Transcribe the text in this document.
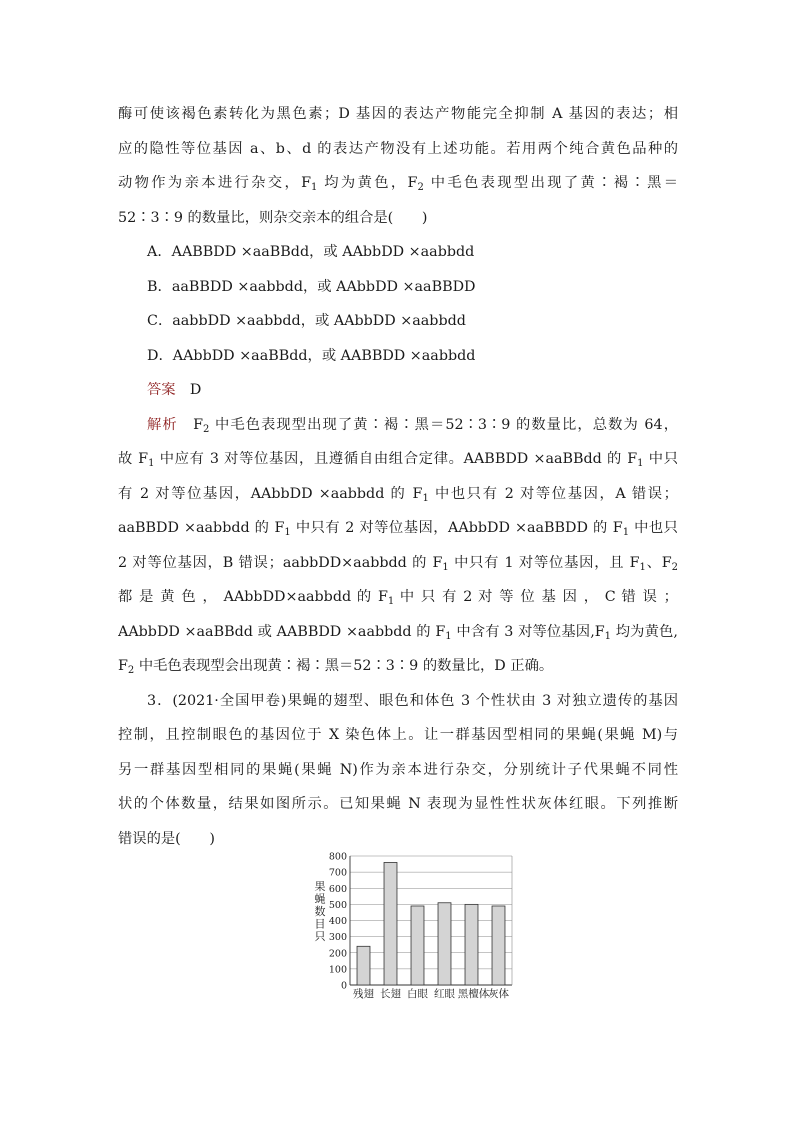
酶可使该褐色素转化为黑色素；D 基因的表达产物能完全抑制 A 基因的表达；相
应的隐性等位基因 a、b、d 的表达产物没有上述功能。若用两个纯合黄色品种的
动物作为亲本进行杂交，$F_1$ 均为黄色，$F_2$ 中毛色表现型出现了黄∶褐∶黑＝
52∶3∶9 的数量比，则杂交亲本的组合是(　　)
A．AABBDD ×aaBBdd，或 AAbbDD ×aabbdd
B．aaBBDD ×aabbdd，或 AAbbDD ×aaBBDD
C．aabbDD ×aabbdd，或 AAbbDD ×aabbdd
D．AAbbDD ×aaBBdd，或 AABBDD ×aabbdd
答案　 D
解析　 $F_2$ 中毛色表现型出现了黄∶褐∶黑＝52∶3∶9 的数量比，总数为 64，
故 $F_1$ 中应有 3 对等位基因，且遵循自由组合定律。AABBDD ×aaBBdd 的 $F_1$ 中只
有 2 对等位基因，AAbbDD ×aabbdd 的 $F_1$ 中也只有 2 对等位基因，A 错误；
aaBBDD ×aabbdd 的 $F_1$ 中只有 2 对等位基因，AAbbDD ×aaBBDD 的 $F_1$ 中也只
2 对等位基因，B 错误；aabbDD×aabbdd 的 $F_1$ 中只有 1 对等位基因，且 $F_1$、$F_2$
都 是 黄 色 ， AAbbDD×aabbdd 的 $F_1$ 中 只 有 2 对 等 位 基 因 ， C 错 误 ；
AAbbDD ×aaBBdd 或 AABBDD ×aabbdd 的 $F_1$ 中含有 3 对等位基因$,F_1$ 均为黄色,
$F_2$ 中毛色表现型会出现黄∶褐∶黑＝52∶3∶9 的数量比，D 正确。
3．(2021·全国甲卷)果蝇的翅型、眼色和体色 3 个性状由 3 对独立遗传的基因
控制，且控制眼色的基因位于 X 染色体上。让一群基因型相同的果蝇(果蝇 M)与
另一群基因型相同的果蝇(果蝇 N)作为亲本进行杂交，分别统计子代果蝇不同性
状的个体数量，结果如图所示。已知果蝇 N 表现为显性性状灰体红眼。下列推断
错误的是(　　)
0
100
200
300
400
500
600
700
800
果
蝇
数
目
只
残翅 长翅 白眼 红眼 黑檀体
灰体
